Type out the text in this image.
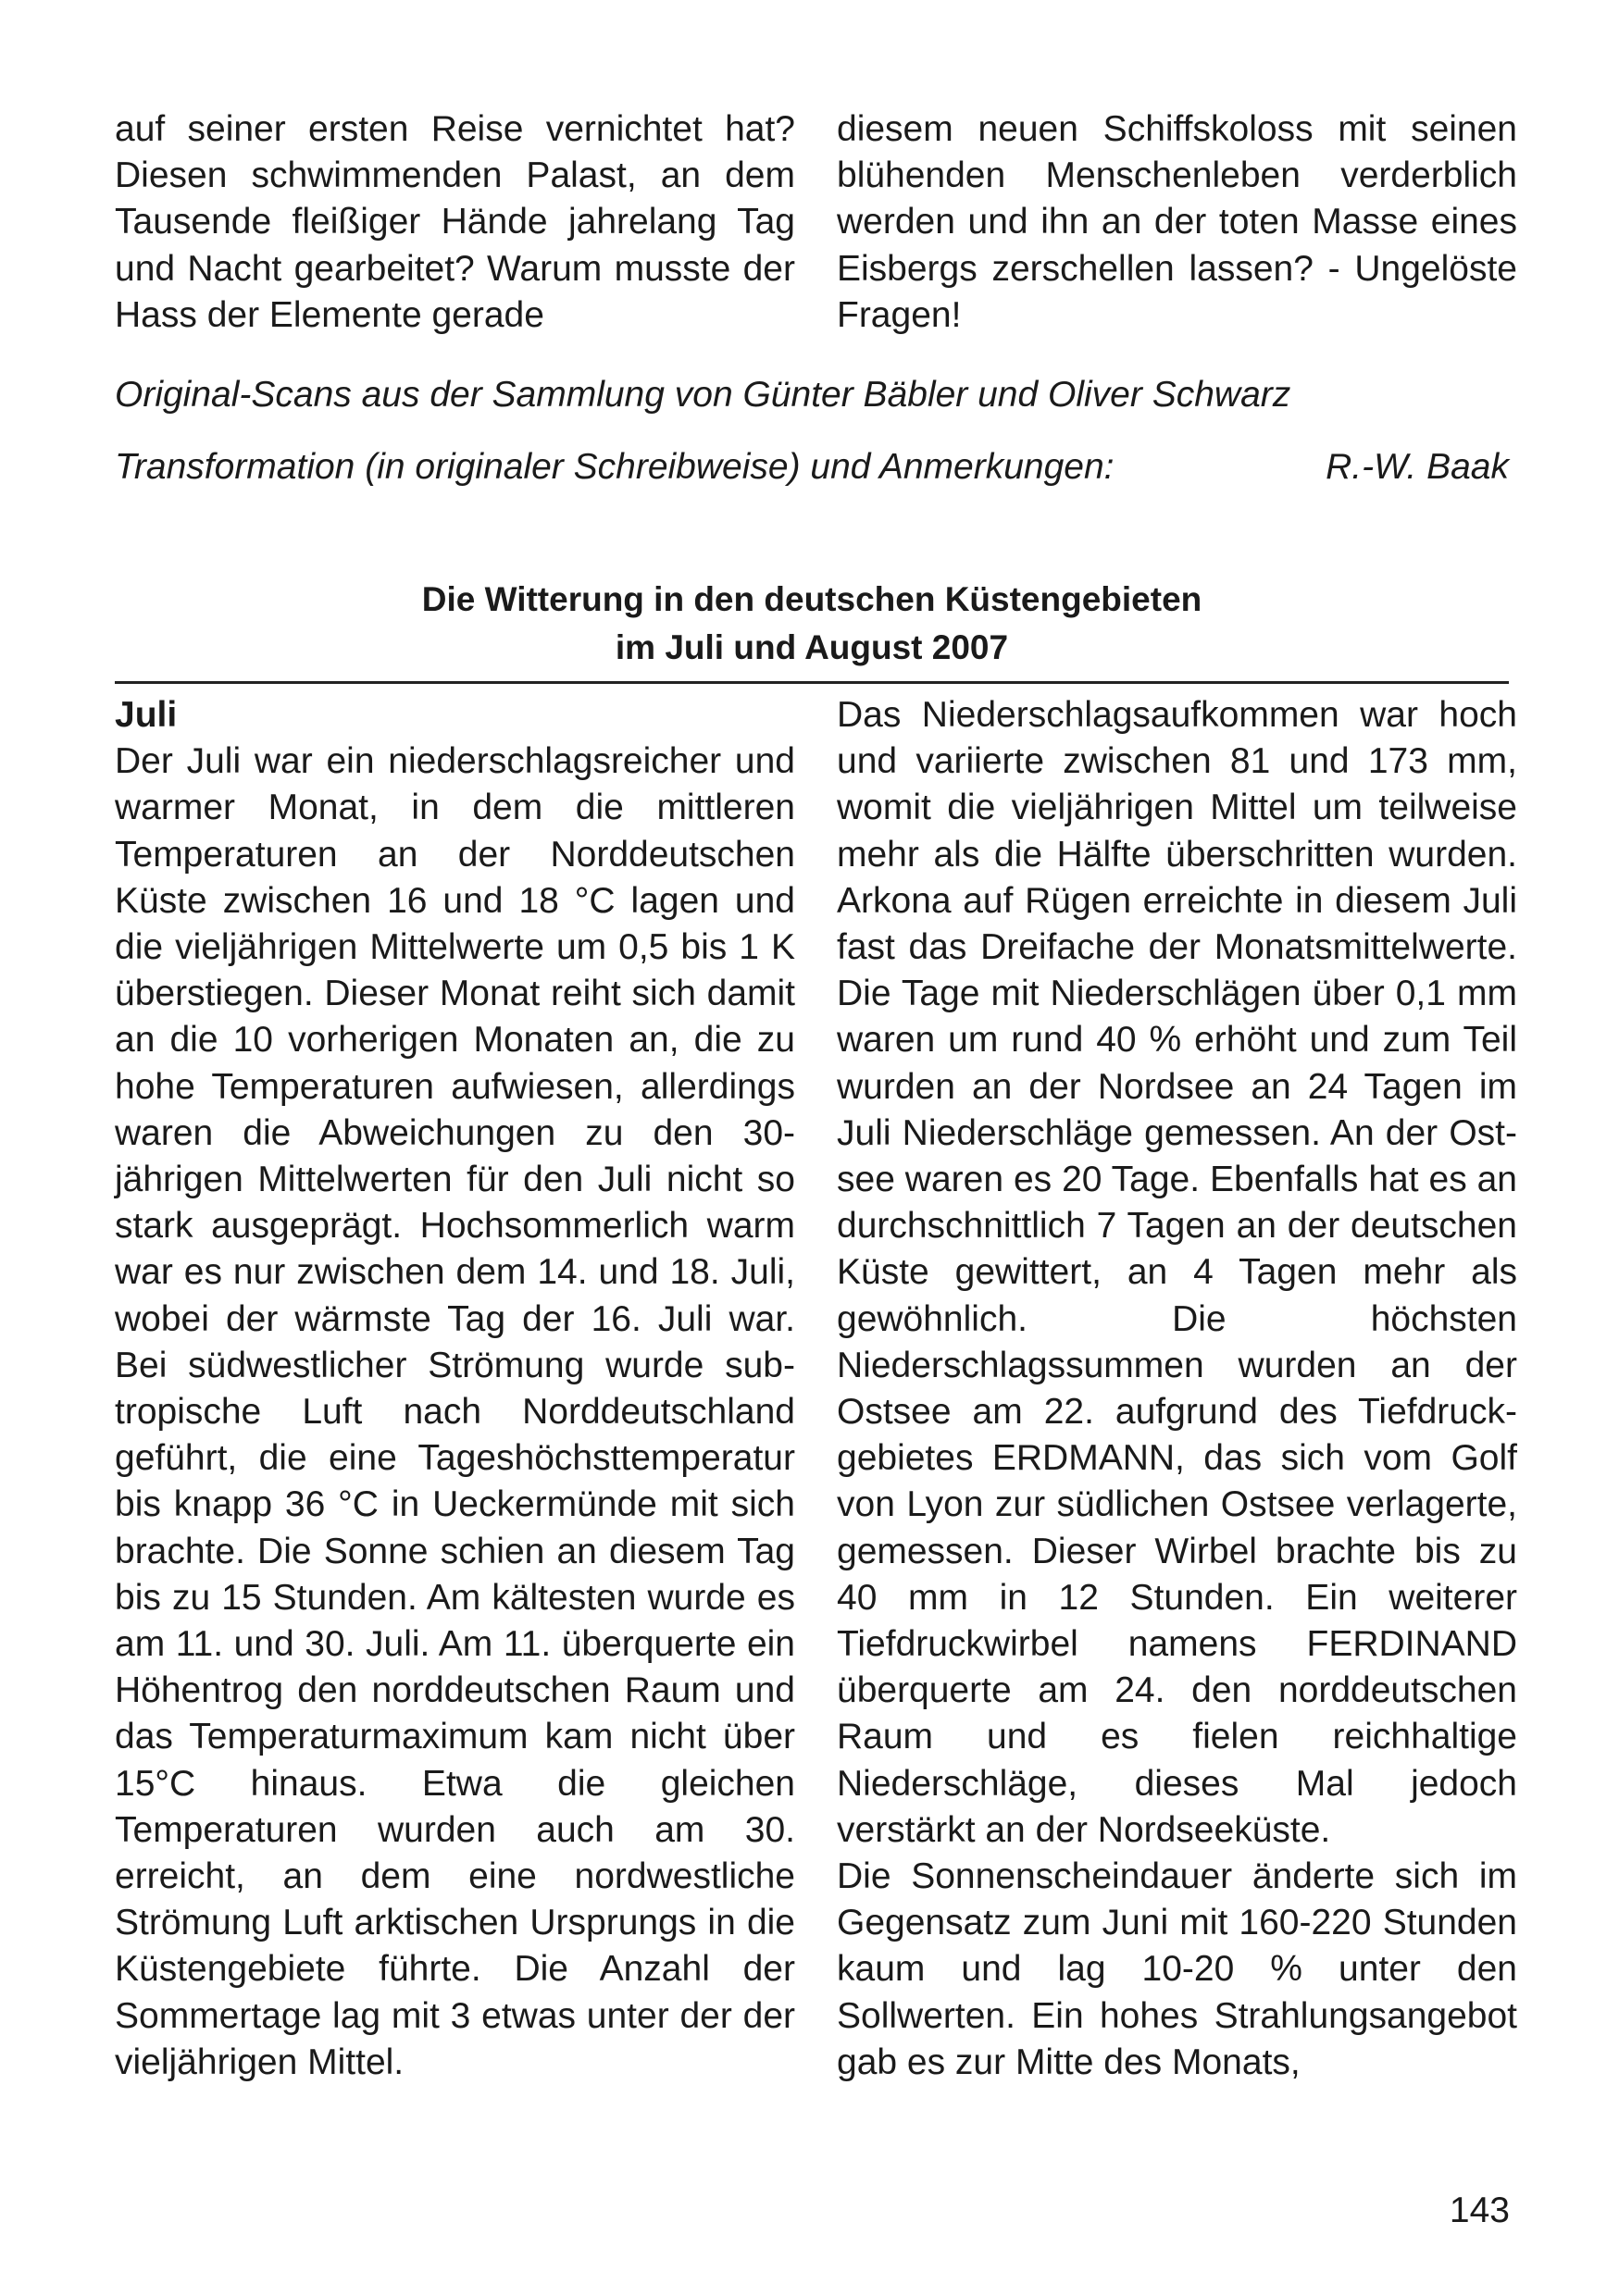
auf seiner ersten Reise vernichtet hat? Diesen schwimmenden Palast, an dem Tausende fleißiger Hände jahrelang Tag und Nacht gearbeitet? Warum musste der Hass der Elemente gerade

diesem neuen Schiffskoloss mit seinen blühenden Menschenleben verderblich werden und ihn an der toten Masse eines Eisbergs zerschellen lassen? - Ungelöste Fragen!

Original-Scans aus der Sammlung von Günter Bäbler und Oliver Schwarz
Transformation (in originaler Schreibweise) und Anmerkungen:	R.-W. Baak
Die Witterung in den deutschen Küstengebieten
im Juli und August 2007

Juli

Der Juli war ein niederschlagsreicher und warmer Monat, in dem die mittleren Temperaturen an der Norddeutschen Küste zwischen 16 und 18 °C lagen und die vieljährigen Mittelwerte um 0,5 bis 1 K überstiegen. Dieser Monat reiht sich damit an die 10 vorherigen Monaten an, die zu hohe Temperaturen aufwiesen, allerdings waren die Abweichungen zu den 30-jährigen Mittelwerten für den Juli nicht so stark ausgeprägt. Hochsommerlich warm war es nur zwischen dem 14. und 18. Juli, wobei der wärmste Tag der 16. Juli war. Bei südwestlicher Strömung wurde subtropische Luft nach Norddeutschland geführt, die eine Tageshöchsttemperatur bis knapp 36 °C in Ueckermünde mit sich brachte. Die Sonne schien an diesem Tag bis zu 15 Stunden. Am kältesten wurde es am 11. und 30. Juli. Am 11. überquerte ein Höhentrog den norddeutschen Raum und das Temperaturmaximum kam nicht über 15°C hinaus. Etwa die gleichen Temperaturen wurden auch am 30. erreicht, an dem eine nordwestliche Strömung Luft arktischen Ursprungs in die Küstengebiete führte. Die Anzahl der Sommertage lag mit 3 etwas unter der der vieljährigen Mittel.

Das Niederschlagsaufkommen war hoch und variierte zwischen 81 und 173 mm, womit die vieljährigen Mittel um teilweise mehr als die Hälfte überschritten wurden. Arkona auf Rügen erreichte in diesem Juli fast das Dreifache der Monatsmittelwerte. Die Tage mit Niederschlägen über 0,1 mm waren um rund 40 % erhöht und zum Teil wurden an der Nordsee an 24 Tagen im Juli Niederschläge gemessen. An der Ostsee waren es 20 Tage. Ebenfalls hat es an durchschnittlich 7 Tagen an der deutschen Küste gewittert, an 4 Tagen mehr als gewöhnlich. Die höchsten Niederschlagssummen wurden an der Ostsee am 22. aufgrund des Tiefdruckgebietes ERDMANN, das sich vom Golf von Lyon zur südlichen Ostsee verlagerte, gemessen. Dieser Wirbel brachte bis zu 40 mm in 12 Stunden. Ein weiterer Tiefdruckwirbel namens FERDINAND überquerte am 24. den norddeutschen Raum und es fielen reichhaltige Niederschläge, dieses Mal jedoch verstärkt an der Nordseeküste.

Die Sonnenscheindauer änderte sich im Gegensatz zum Juni mit 160-220 Stunden kaum und lag 10-20 % unter den Sollwerten. Ein hohes Strahlungsangebot gab es zur Mitte des Monats,

143
